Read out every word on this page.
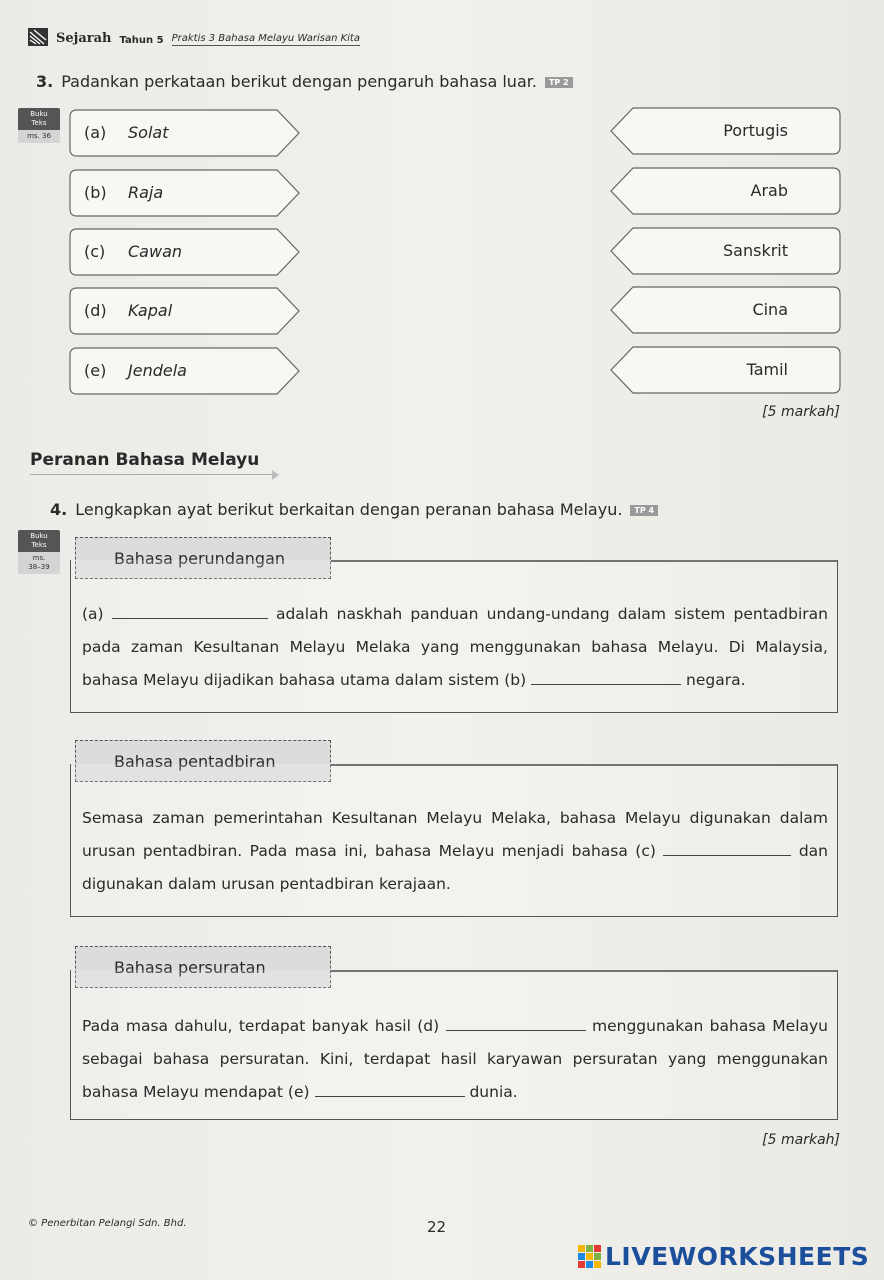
Sejarah Tahun 5 Praktis 3 Bahasa Melayu Warisan Kita
3. Padankan perkataan berikut dengan pengaruh bahasa luar. TP 2
Buku
Teks
ms. 36	(a) Solat
(b) Raja
(c) Cawan
(d) Kapal
(e) Jendela
Portugis
Arab
Sanskrit
Cina
Tamil
[5 markah]
Peranan Bahasa Melayu
4. Lengkapkan ayat berikut berkaitan dengan peranan bahasa Melayu. TP 4
Buku
Teks
ms.
38–39	Bahasa perundangan
(a)	adalah naskhah panduan undang-undang dalam sistem pentadbiran pada zaman Kesultanan Melayu Melaka yang menggunakan bahasa Melayu. Di Malaysia, bahasa Melayu dijadikan bahasa utama dalam sistem (b)	negara.
Bahasa pentadbiran
Semasa zaman pemerintahan Kesultanan Melayu Melaka, bahasa Melayu digunakan dalam urusan pentadbiran. Pada masa ini, bahasa Melayu menjadi bahasa (c)	dan digunakan dalam urusan pentadbiran kerajaan.
Bahasa persuratan
Pada masa dahulu, terdapat banyak hasil (d)	menggunakan bahasa Melayu sebagai bahasa persuratan. Kini, terdapat hasil karyawan persuratan yang menggunakan bahasa Melayu mendapat (e)	dunia.
[5 markah]
© Penerbitan Pelangi Sdn. Bhd.	22
LIVEWORKSHEETS
